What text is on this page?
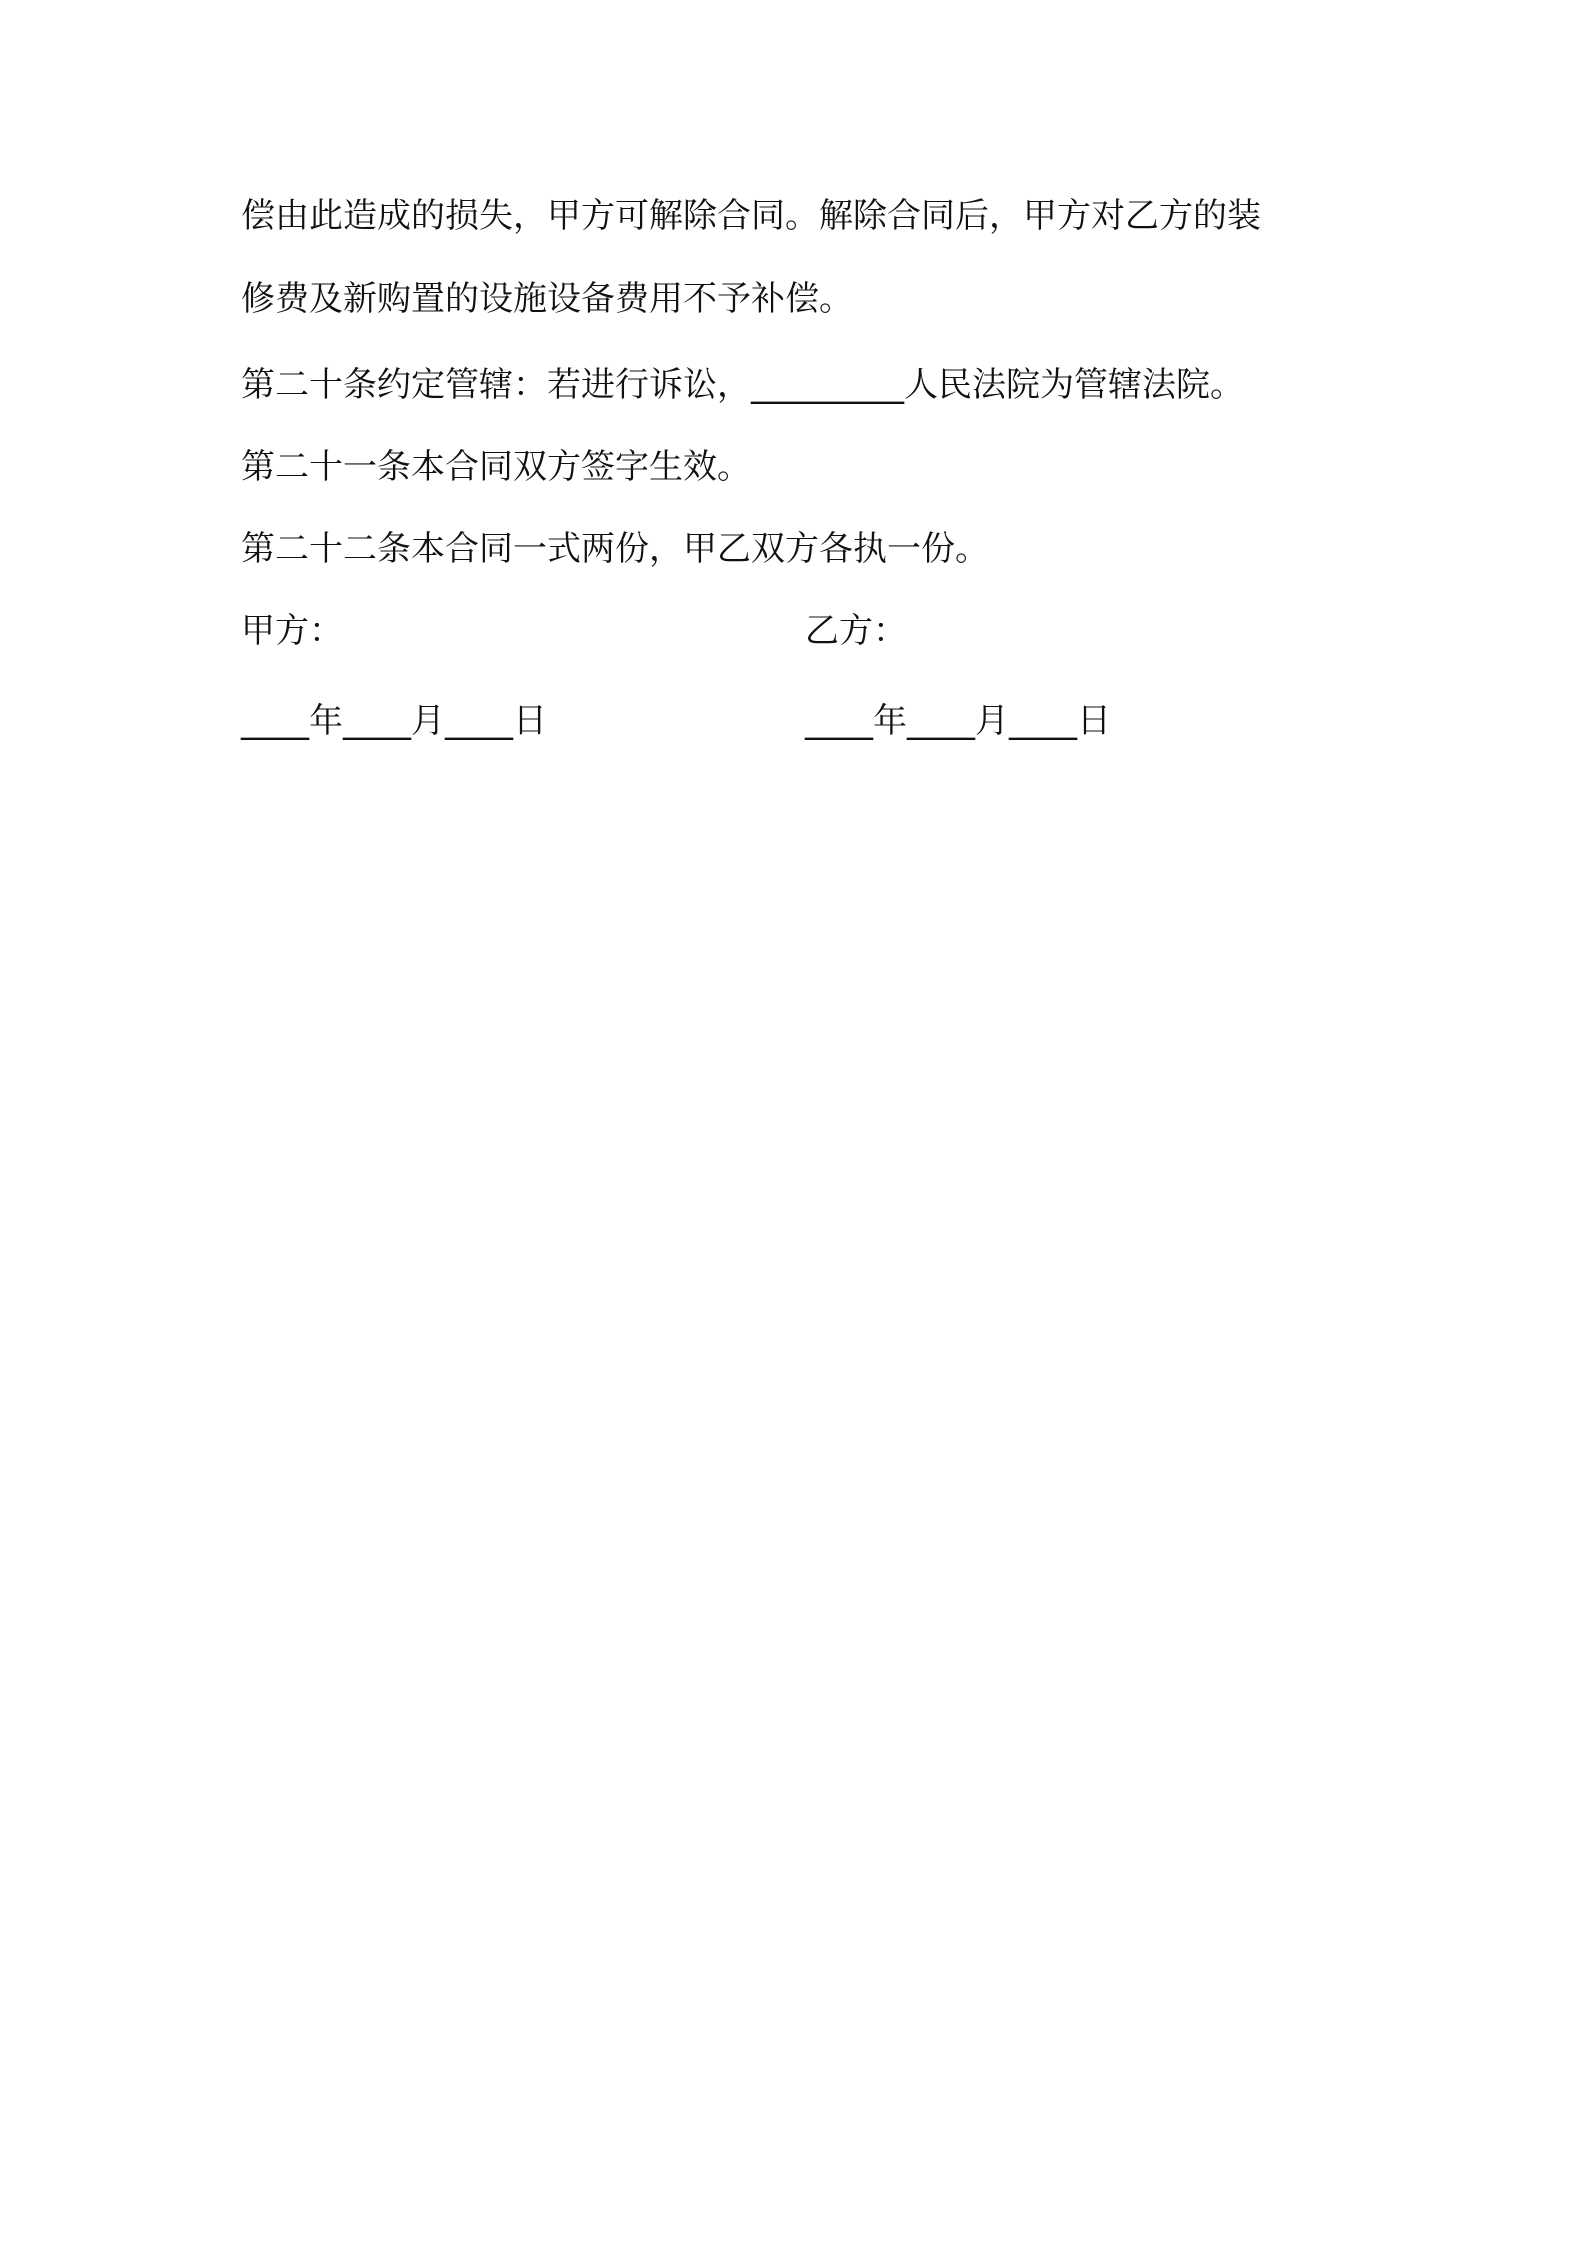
偿由此造成的损失，甲方可解除合同。解除合同后，甲方对乙方的装

修费及新购置的设施设备费用不予补偿。

第二十条约定管辖：若进行诉讼，_________人民法院为管辖法院。

第二十一条本合同双方签字生效。

第二十二条本合同一式两份，甲乙双方各执一份。

甲方：	乙方：
____年____月____日	____年____月____日
